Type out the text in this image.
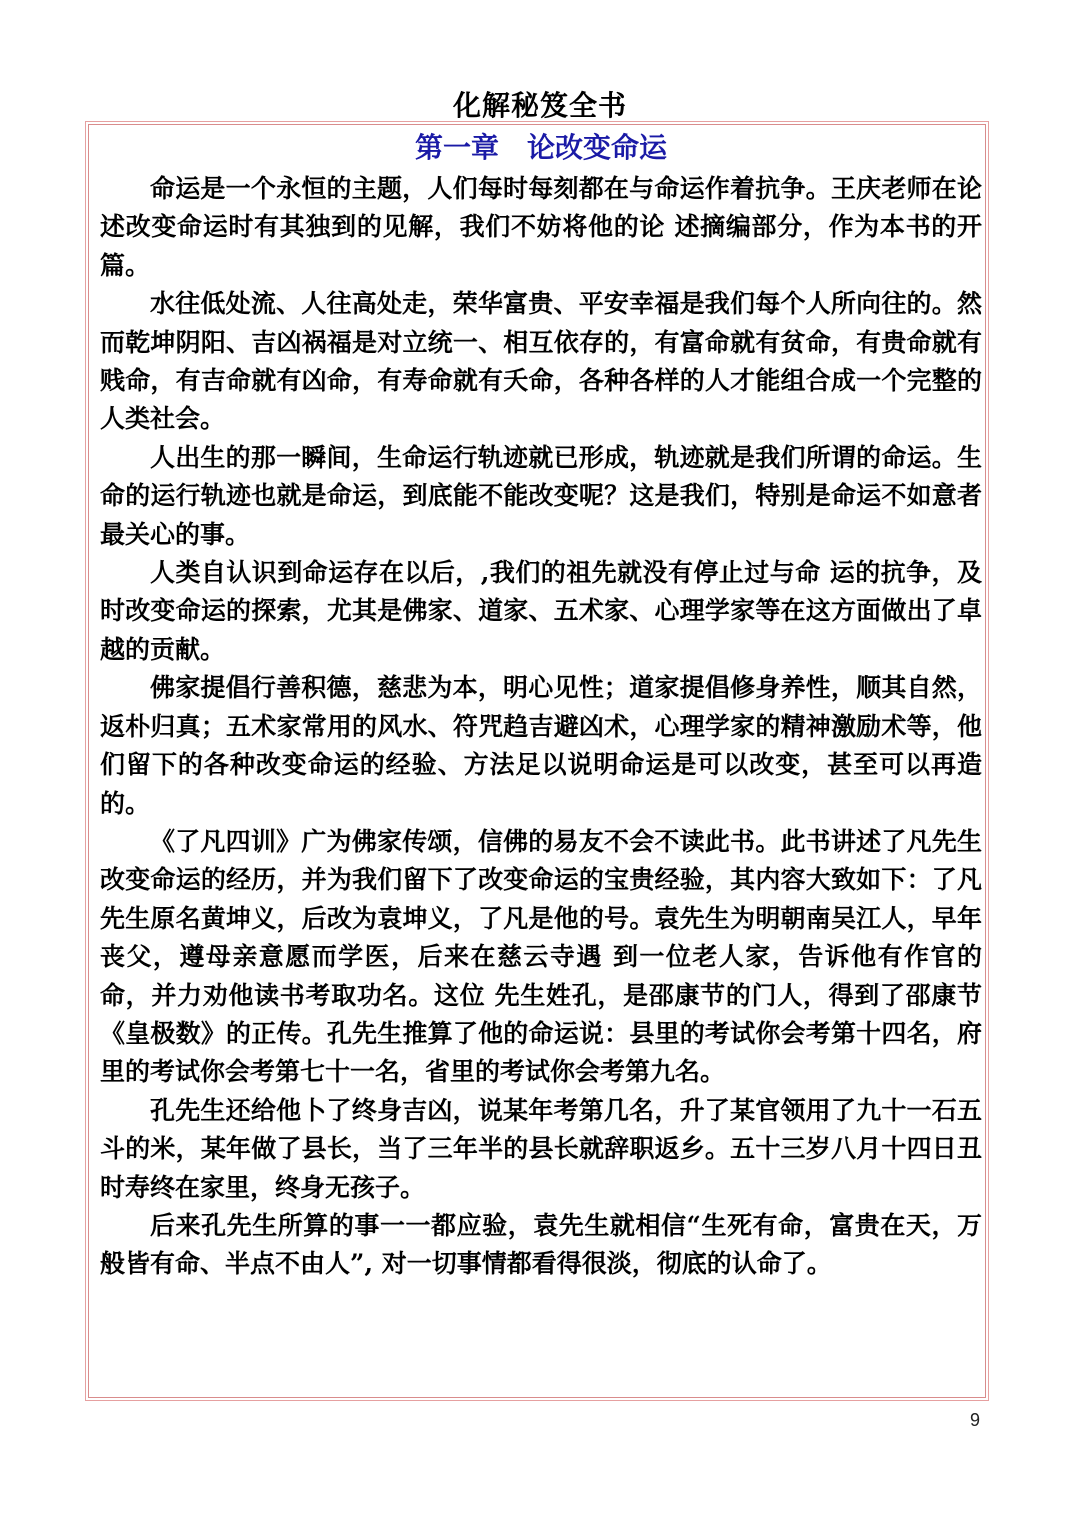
化解秘笈全书
第一章　论改变命运

命运是一个永恒的主题，人们每时每刻都在与命运作着抗争。王庆老师在论述改变命运时有其独到的见解，我们不妨将他的论 述摘编部分，作为本书的开篇。

水往低处流、人往高处走，荣华富贵、平安幸福是我们每个人所向往的。然而乾坤阴阳、吉凶祸福是对立统一、相互依存的，有富命就有贫命，有贵命就有贱命，有吉命就有凶命，有寿命就有夭命，各种各样的人才能组合成一个完整的人类社会。

人出生的那一瞬间，生命运行轨迹就已形成，轨迹就是我们所谓的命运。生命的运行轨迹也就是命运，到底能不能改变呢？这是我们，特别是命运不如意者最关心的事。

人类自认识到命运存在以后，,我们的祖先就没有停止过与命 运的抗争，及时改变命运的探索，尤其是佛家、道家、五术家、心理学家等在这方面做出了卓越的贡献。

佛家提倡行善积德，慈悲为本，明心见性；道家提倡修身养性，顺其自然，返朴归真；五术家常用的风水、符咒趋吉避凶术，心理学家的精神激励术等，他们留下的各种改变命运的经验、方法足以说明命运是可以改变，甚至可以再造的。

《了凡四训》广为佛家传颂，信佛的易友不会不读此书。此书讲述了凡先生改变命运的经历，并为我们留下了改变命运的宝贵经验，其内容大致如下：了凡先生原名黄坤义，后改为袁坤义，了凡是他的号。袁先生为明朝南吴江人，早年丧父，遵母亲意愿而学医，后来在慈云寺遇 到一位老人家，告诉他有作官的命，并力劝他读书考取功名。这位 先生姓孔，是邵康节的门人，得到了邵康节《皇极数》的正传。孔先生推算了他的命运说：县里的考试你会考第十四名，府里的考试你会考第七十一名，省里的考试你会考第九名。

孔先生还给他卜了终身吉凶，说某年考第几名，升了某官领用了九十一石五斗的米，某年做了县长，当了三年半的县长就辞职返乡。五十三岁八月十四日丑时寿终在家里，终身无孩子。

后来孔先生所算的事一一都应验，袁先生就相信“生死有命，富贵在天，万般皆有命、半点不由人”, 对一切事情都看得很淡，彻底的认命了。

9
